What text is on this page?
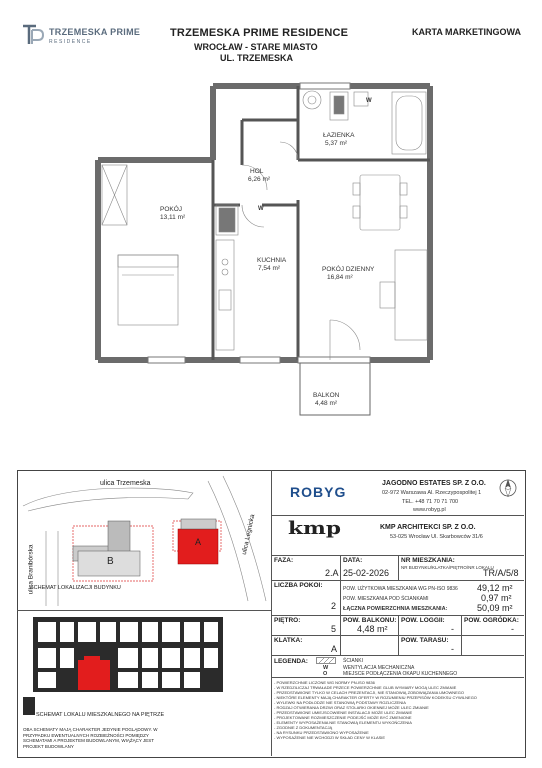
TRZEMESKA PRIME
RESIDENCE
TRZEMESKA PRIME RESIDENCE
WROCŁAW - STARE MIASTO
UL. TRZEMESKA
KARTA MARKETINGOWA
ŁAZIENKA
5,37 m²
HOL
6,26 m²
POKÓJ
13,11 m²
KUCHNIA
7,54 m²	POKÓJ DZIENNY
16,84 m²
BALKON
4,48 m²
W
W
ulica Trzemeska
ulica Branibórska
ulica Legnicka
A
B
SCHEMAT LOKALIZACJI BUDYNKU
SCHEMAT LOKALU MIESZKALNEGO NA PIĘTRZE
OBA SCHEMATY MAJĄ CHARAKTER JEDYNIE POGLĄDOWY. W PRZYPADKU EWENTUALNYCH ROZBIEŻNOŚCI POMIĘDZY SCHEMATAMI A PROJEKTEM BUDOWLANYM, WIĄŻĄCY JEST PROJEKT BUDOWLANY
ROBYG
JAGODNO ESTATES SP. Z O.O.
02-972 Warszawa Al. Rzeczypospolitej 1
TEL. +48 71 70 71 700
www.robyg.pl
kmp	KMP ARCHITEKCI SP. Z O.O.
53-025 Wrocław Ul. Skarbowców 31/6
FAZA:
2.A
DATA:
25-02-2026
NR MIESZKANIA:
NR BUDYNKU/KLATKA/PIĘTRO/NR LOKALU
TR/A/5/8
LICZBA POKOI:
2
POW. UŻYTKOWA MIESZKANIA WG PN-ISO 9836 49,12 m²
POW. MIESZKANIA POD ŚCIANKAMI	0,97 m²
ŁĄCZNA POWIERZCHNIA MIESZKANIA:	50,09 m²
PIĘTRO:
5
POW. BALKONU:
4,48 m²
POW. LOGGII:
-
KLATKA:
A
POW. TARASU:
-
POW. OGRÓDKA:
-
LEGENDA:	ŚCIANKI
W	WENTYLACJA MECHANICZNA
O	MIEJSCE PODŁĄCZENIA OKAPU KUCHENNEGO
- POWIERZCHNIE LICZONE WG NORMY PN-ISO 9836
- W RZEDZILICZAJ TRWAŁADE PRZECE POWIERZCHNIE GLUB WYMIARY MOGĄ ULEC ZMIANIE
- PRZEDSTAWIONE TYLKO W CELACH PREZENTACJI, NIE STANOWIĄ ZOBOWIĄZANIA UMOWNEGO
- NIEKTÓRE ELEMENTY MAJĄ CHARAKTER OFERTY W ROZUMIENIU PRZEPISÓW KODEKSU CYWILNEGO
- WYLEWKI NA PODŁODZE NIE STANOWIĄ PODSTAWY ROZLICZENIA
- RODZAJ OTWIERANIA DRZWI ORAZ STOLARKI OKIENNEJ MOŻE ULEC ZMIANIE
- PRZEDSTAWIONE UMIEJSCOWIENIE INSTALACJI MOŻE ULEC ZMIANIE
- PROJEKTOWANE ROZMIESZCZENIE PODEJŚĆ MOŻE BYĆ ZMIENIONE
- ELEMENTY WYPOSAŻENIA NIE STANOWIĄ ELEMENTU WYKOŃCZENIA
- ZGODNIE Z DOKUMENTACJĄ
- NA RYSUNKU PRZEDSTAWIONO WYPOSAŻENIE
- WYPOSAŻENIE NIE WCHODZI W SKŁAD CENY W KLASIE
